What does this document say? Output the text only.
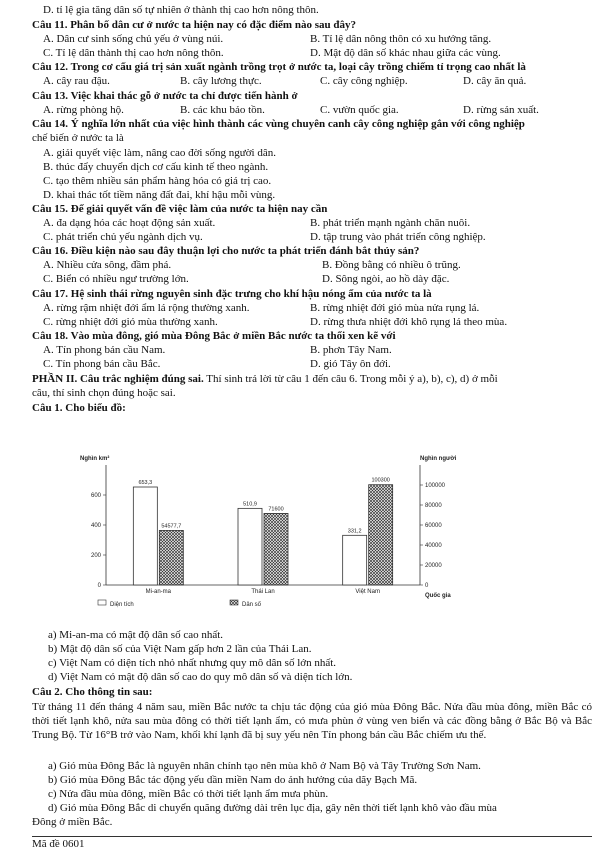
D. tỉ lệ gia tăng dân số tự nhiên ở thành thị cao hơn nông thôn.
Câu 11. Phân bố dân cư ở nước ta hiện nay có đặc điểm nào sau đây?
A. Dân cư sinh sống chủ yếu ở vùng núi.	B. Tỉ lệ dân nông thôn có xu hướng tăng.
C. Tỉ lệ dân thành thị cao hơn nông thôn.	D. Mật độ dân số khác nhau giữa các vùng.
Câu 12. Trong cơ cấu giá trị sản xuất ngành trồng trọt ở nước ta, loại cây trồng chiếm tỉ trọng cao nhất là
A. cây rau đậu.	B. cây lương thực.	C. cây công nghiệp.	D. cây ăn quả.
Câu 13. Việc khai thác gỗ ở nước ta chỉ được tiến hành ở
A. rừng phòng hộ.	B. các khu bảo tồn.	C. vườn quốc gia.	D. rừng sản xuất.
Câu 14. Ý nghĩa lớn nhất của việc hình thành các vùng chuyên canh cây công nghiệp gắn với công nghiệp
chế biến ở nước ta là
A. giải quyết việc làm, nâng cao đời sống người dân.
B. thúc đẩy chuyển dịch cơ cấu kinh tế theo ngành.
C. tạo thêm nhiều sản phẩm hàng hóa có giá trị cao.
D. khai thác tốt tiềm năng đất đai, khí hậu mỗi vùng.
Câu 15. Để giải quyết vấn đề việc làm của nước ta hiện nay cần
A. đa dạng hóa các hoạt động sản xuất.	B. phát triển mạnh ngành chăn nuôi.
C. phát triển chủ yếu ngành dịch vụ.	D. tập trung vào phát triển công nghiệp.
Câu 16. Điều kiện nào sau đây thuận lợi cho nước ta phát triển đánh bắt thủy sản?
A. Nhiều cửa sông, đầm phá.	B. Đồng bằng có nhiều ô trũng.
C. Biển có nhiều ngư trường lớn.	D. Sông ngòi, ao hồ dày đặc.
Câu 17. Hệ sinh thái rừng nguyên sinh đặc trưng cho khí hậu nóng ẩm của nước ta là
A. rừng rậm nhiệt đới ẩm lá rộng thường xanh.	B. rừng nhiệt đới gió mùa nửa rụng lá.
C. rừng nhiệt đới gió mùa thường xanh.	D. rừng thưa nhiệt đới khô rụng lá theo mùa.
Câu 18. Vào mùa đông, gió mùa Đông Bắc ở miền Bắc nước ta thổi xen kẽ với
A. Tín phong bán cầu Nam.	B. phơn Tây Nam.
C. Tín phong bán cầu Bắc.	D. gió Tây ôn đới.
PHẦN II. Câu trắc nghiệm đúng sai. Thí sinh trả lời từ câu 1 đến câu 6. Trong mỗi ý a), b), c), d) ở mỗi
câu, thí sinh chọn đúng hoặc sai.
Câu 1. Cho biểu đồ:
Nghìn km²	Nghìn người
0
200
400
600
0
20000
40000
60000
80000
100000
653,3
54577,7
Mi-an-ma
510,9
71600
Thái Lan
331,2
100300
Việt Nam
Diện tích	Dân số
Quốc gia
a) Mi-an-ma có mật độ dân số cao nhất.
b) Mật độ dân số của Việt Nam gấp hơn 2 lần của Thái Lan.
c) Việt Nam có diện tích nhỏ nhất nhưng quy mô dân số lớn nhất.
d) Việt Nam có mật độ dân số cao do quy mô dân số và diện tích lớn.
Câu 2. Cho thông tin sau:
Từ tháng 11 đến tháng 4 năm sau, miền Bắc nước ta chịu tác động của gió mùa Đông Bắc. Nửa đầu mùa đông, miền Bắc có thời tiết lạnh khô, nửa sau mùa đông có thời tiết lạnh ẩm, có mưa phùn ở vùng ven biển và các đồng bằng ở Bắc Bộ và Bắc Trung Bộ. Từ 16°B trở vào Nam, khối khí lạnh đã bị suy yếu nên Tín phong bán cầu Bắc chiếm ưu thế.
a) Gió mùa Đông Bắc là nguyên nhân chính tạo nên mùa khô ở Nam Bộ và Tây Trường Sơn Nam.
b) Gió mùa Đông Bắc tác động yếu dần miền Nam do ảnh hưởng của dãy Bạch Mã.
c) Nửa đầu mùa đông, miền Bắc có thời tiết lạnh ẩm mưa phùn.
d) Gió mùa Đông Bắc di chuyển quãng đường dài trên lục địa, gây nên thời tiết lạnh khô vào đầu mùa
Đông ở miền Bắc.
Mã đề 0601
